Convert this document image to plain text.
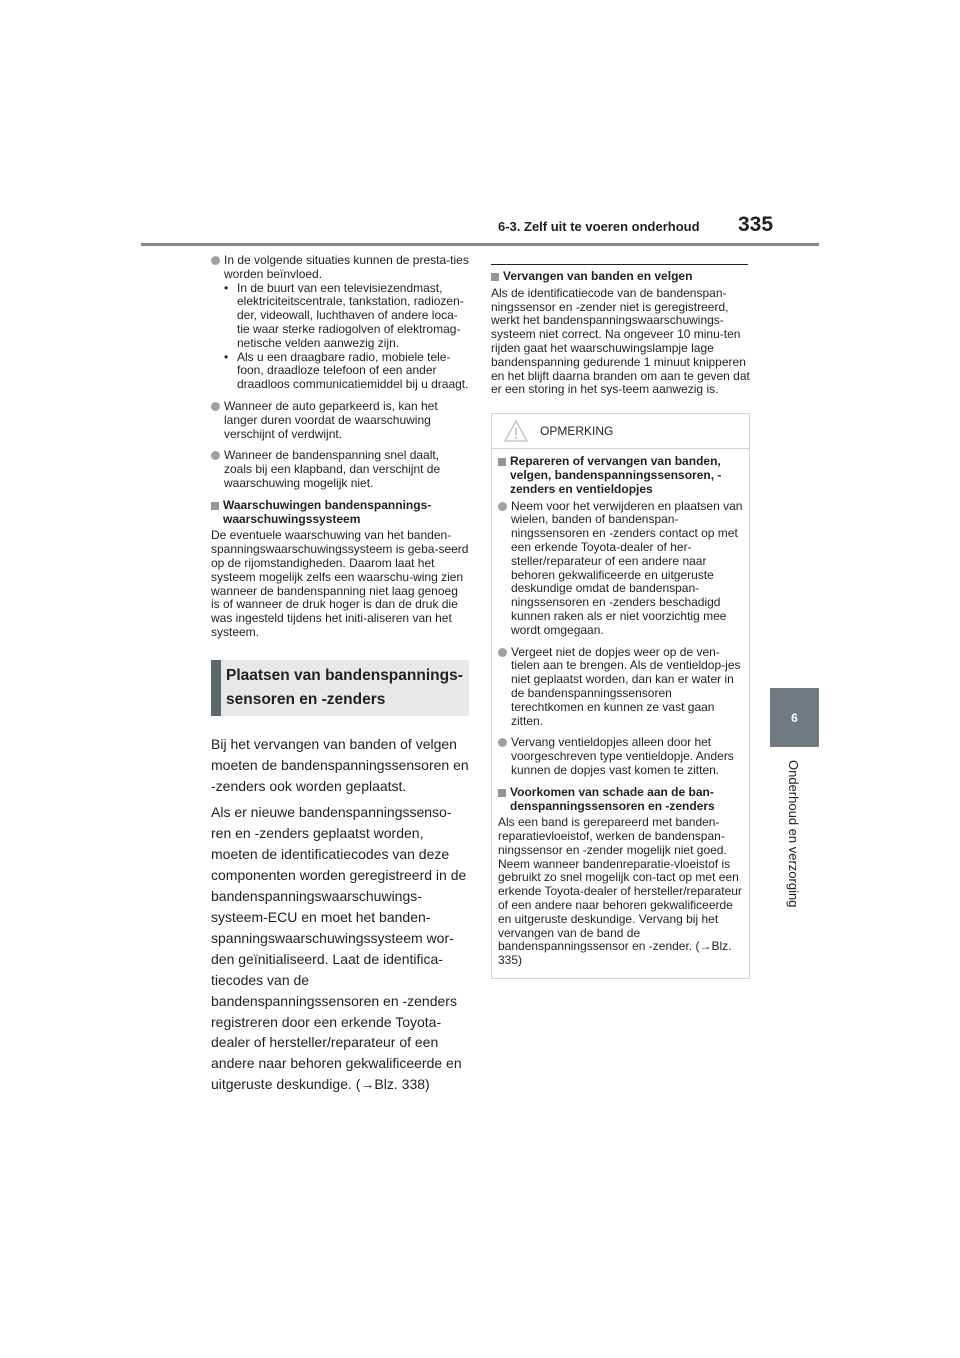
6-3. Zelf uit te voeren onderhoud 335
6
Onderhoud en verzorging
In de volgende situaties kunnen de presta-ties worden beïnvloed.
• In de buurt van een televisiezendmast, elektriciteitscentrale, tankstation, radiozen-der, videowall, luchthaven of andere loca-tie waar sterke radiogolven of elektromag-netische velden aanwezig zijn.
• Als u een draagbare radio, mobiele tele-foon, draadloze telefoon of een ander draadloos communicatiemiddel bij u draagt.
Wanneer de auto geparkeerd is, kan het langer duren voordat de waarschuwing verschijnt of verdwijnt.
Wanneer de bandenspanning snel daalt, zoals bij een klapband, dan verschijnt de waarschuwing mogelijk niet.
Waarschuwingen bandenspannings-waarschuwingssysteem
De eventuele waarschuwing van het banden-spanningswaarschuwingssysteem is geba-seerd op de rijomstandigheden. Daarom laat het systeem mogelijk zelfs een waarschu-wing zien wanneer de bandenspanning niet laag genoeg is of wanneer de druk hoger is dan de druk die was ingesteld tijdens het initi-aliseren van het systeem.
Plaatsen van bandenspannings-
sensoren en -zenders

Bij het vervangen van banden of velgen moeten de bandenspanningssensoren en -zenders ook worden geplaatst.

Als er nieuwe bandenspanningssenso-ren en -zenders geplaatst worden, moeten de identificatiecodes van deze componenten worden geregistreerd in de bandenspanningswaarschuwings-systeem-ECU en moet het banden-spanningswaarschuwingssysteem wor-den geïnitialiseerd. Laat de identifica-tiecodes van de bandenspanningssensoren en -zenders registreren door een erkende Toyota-dealer of hersteller/reparateur of een andere naar behoren gekwalificeerde en uitgeruste deskundige. (→Blz. 338)

Vervangen van banden en velgen
Als de identificatiecode van de bandenspan-ningssensor en -zender niet is geregistreerd, werkt het bandenspanningswaarschuwings-systeem niet correct. Na ongeveer 10 minu-ten rijden gaat het waarschuwingslampje lage bandenspanning gedurende 1 minuut knipperen en het blijft daarna branden om aan te geven dat er een storing in het sys-teem aanwezig is.
OPMERKING
Repareren of vervangen van banden, velgen, bandenspanningssensoren, -zenders en ventieldopjes
Neem voor het verwijderen en plaatsen van wielen, banden of bandenspan-ningssensoren en -zenders contact op met een erkende Toyota-dealer of her-steller/reparateur of een andere naar behoren gekwalificeerde en uitgeruste deskundige omdat de bandenspan-ningssensoren en -zenders beschadigd kunnen raken als er niet voorzichtig mee wordt omgegaan.
Vergeet niet de dopjes weer op de ven-tielen aan te brengen. Als de ventieldop-jes niet geplaatst worden, dan kan er water in de bandenspanningssensoren terechtkomen en kunnen ze vast gaan zitten.
Vervang ventieldopjes alleen door het voorgeschreven type ventieldopje. Anders kunnen de dopjes vast komen te zitten.
Voorkomen van schade aan de ban-denspanningssensoren en -zenders
Als een band is gerepareerd met banden-reparatievloeistof, werken de bandenspan-ningssensor en -zender mogelijk niet goed. Neem wanneer bandenreparatie-vloeistof is gebruikt zo snel mogelijk con-tact op met een erkende Toyota-dealer of hersteller/reparateur of een andere naar behoren gekwalificeerde en uitgeruste deskundige. Vervang bij het vervangen van de band de bandenspanningssensor en -zender. (→Blz. 335)
